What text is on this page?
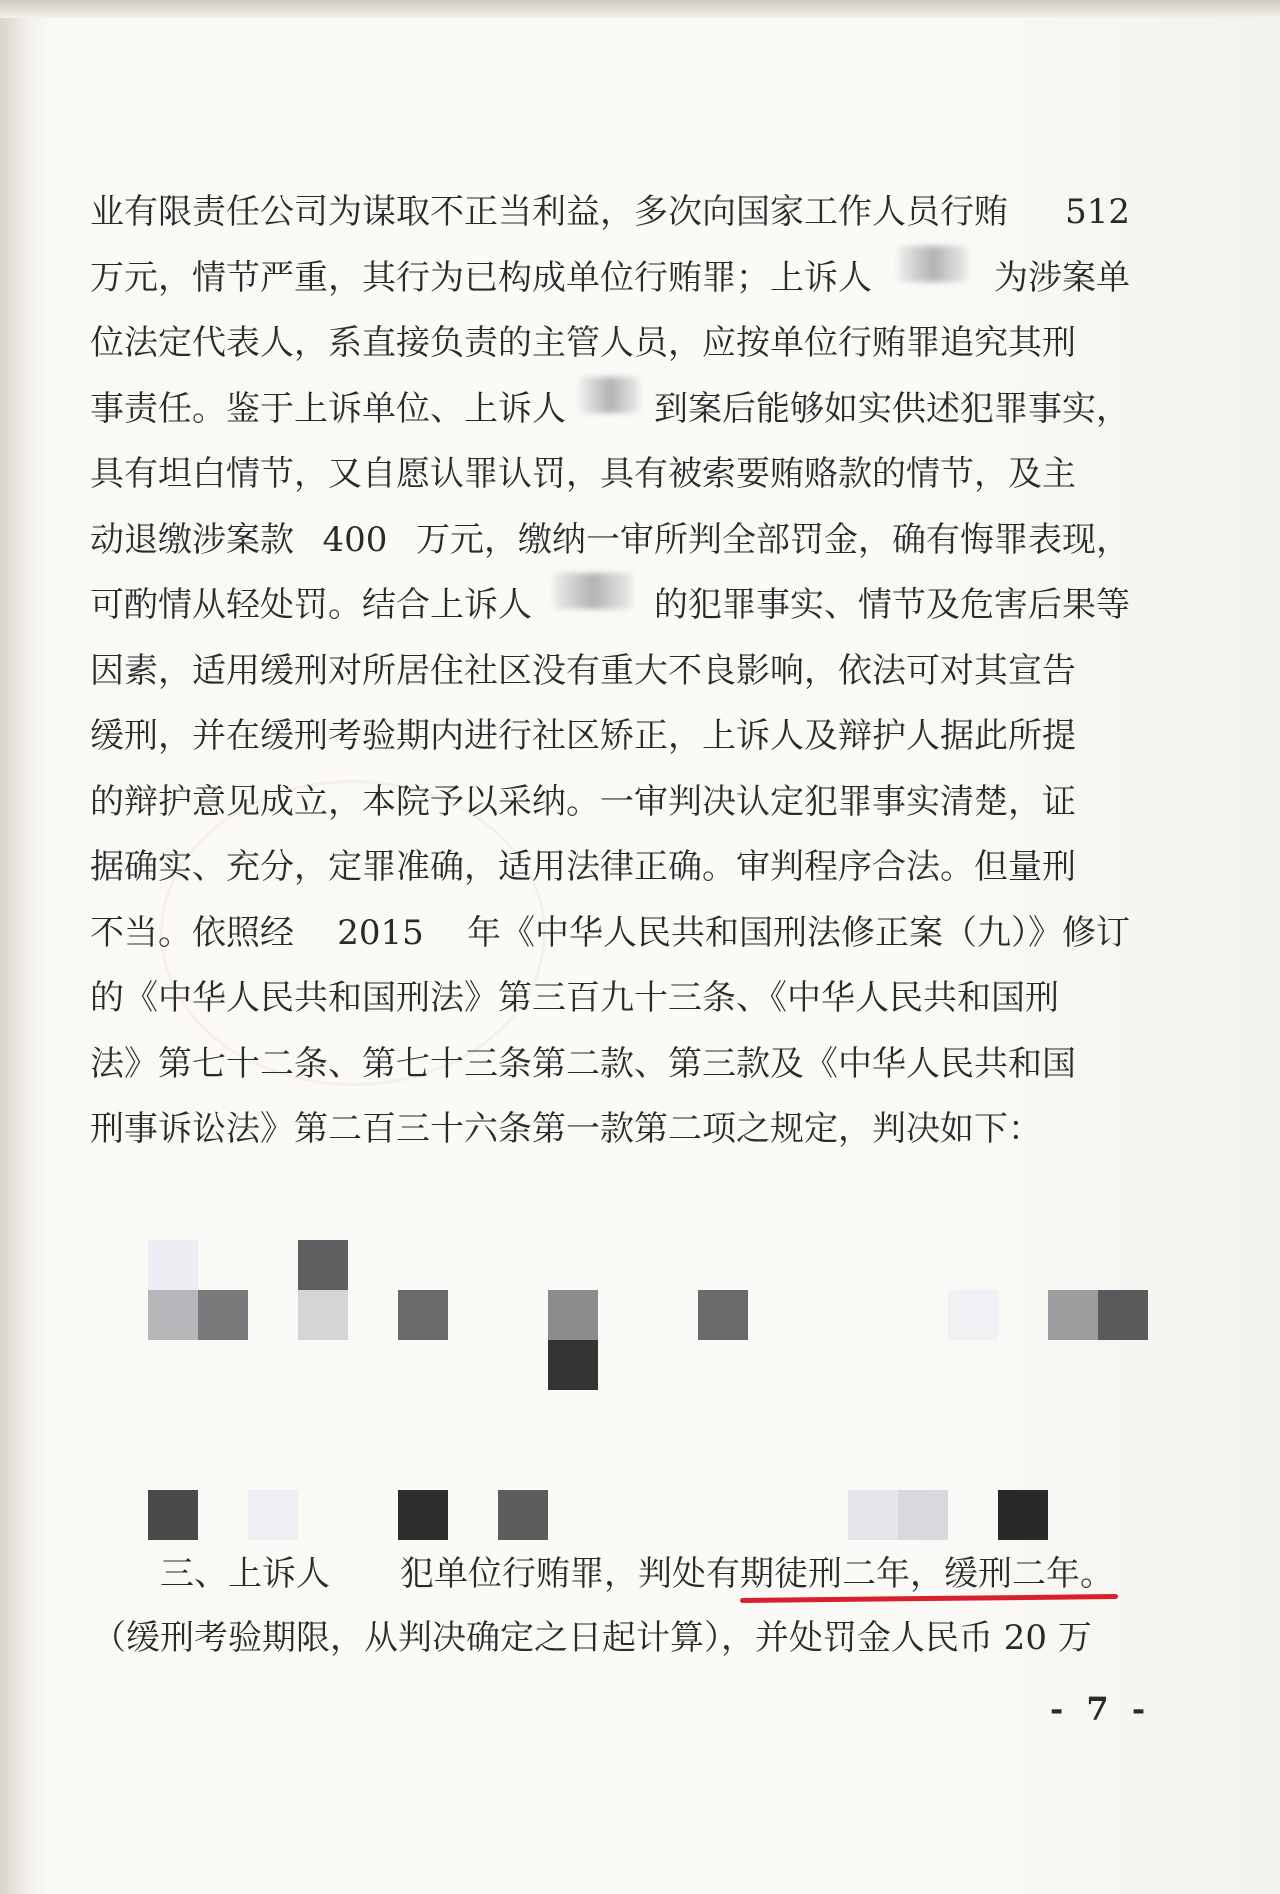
业有限责任公司为谋取不正当利益，多次向国家工作人员行贿 512
万元，情节严重，其行为已构成单位行贿罪；上诉人	为涉案单
位法定代表人，系直接负责的主管人员，应按单位行贿罪追究其刑
事责任。鉴于上诉单位、上诉人	到案后能够如实供述犯罪事实，
具有坦白情节，又自愿认罪认罚，具有被索要贿赂款的情节，及主
动退缴涉案款 400 万元，缴纳一审所判全部罚金，确有悔罪表现，
可酌情从轻处罚。结合上诉人	的犯罪事实、情节及危害后果等
因素，适用缓刑对所居住社区没有重大不良影响，依法可对其宣告
缓刑，并在缓刑考验期内进行社区矫正，上诉人及辩护人据此所提
的辩护意见成立，本院予以采纳。一审判决认定犯罪事实清楚，证
据确实、充分，定罪准确，适用法律正确。审判程序合法。但量刑
不当。依照经 2015 年《中华人民共和国刑法修正案（九）》修订
的《中华人民共和国刑法》第三百九十三条、《中华人民共和国刑
法》第七十二条、第七十三条第二款、第三款及《中华人民共和国
刑事诉讼法》第二百三十六条第一款第二项之规定，判决如下：
三、上诉人 犯单位行贿罪，判处有期徒刑二年，缓刑二年。
（缓刑考验期限，从判决确定之日起计算），并处罚金人民币 20 万
- 7 -
